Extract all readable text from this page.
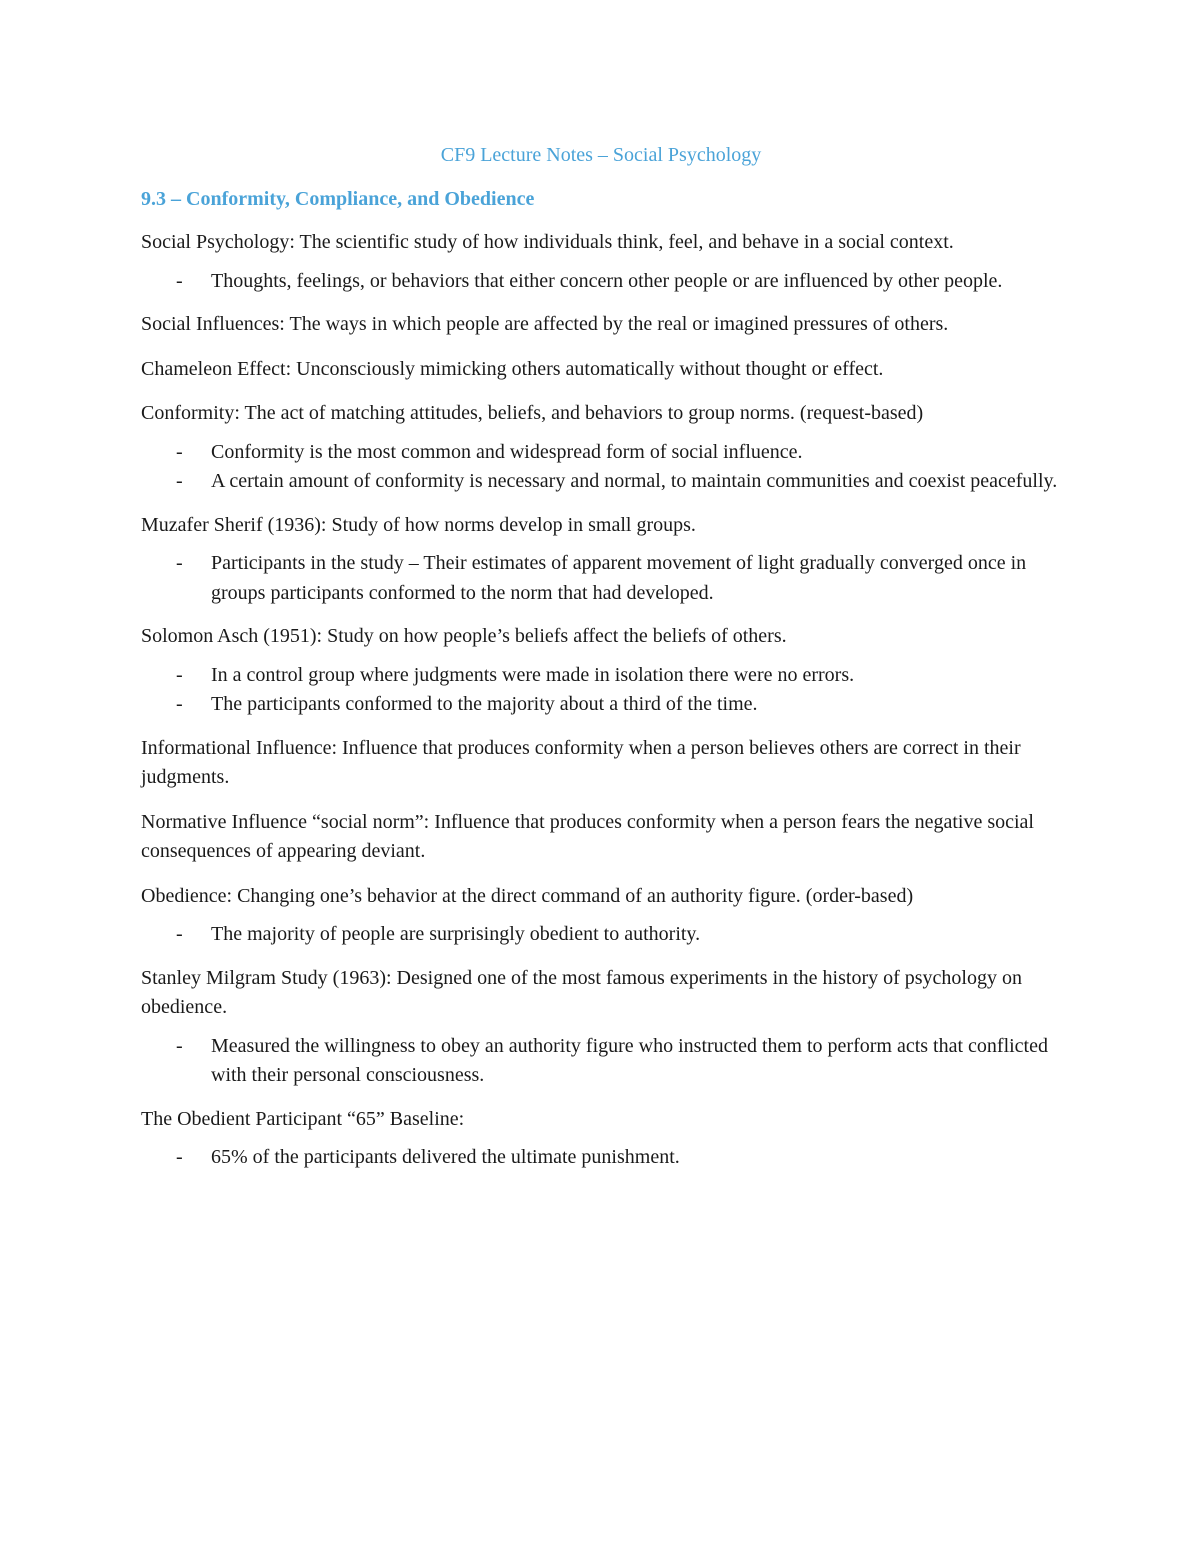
CF9 Lecture Notes – Social Psychology
9.3 – Conformity, Compliance, and Obedience
Social Psychology: The scientific study of how individuals think, feel, and behave in a social context.
- Thoughts, feelings, or behaviors that either concern other people or are influenced by other people.
Social Influences: The ways in which people are affected by the real or imagined pressures of others.
Chameleon Effect: Unconsciously mimicking others automatically without thought or effect.
Conformity: The act of matching attitudes, beliefs, and behaviors to group norms. (request-based)
- Conformity is the most common and widespread form of social influence.
- A certain amount of conformity is necessary and normal, to maintain communities and coexist peacefully.
Muzafer Sherif (1936): Study of how norms develop in small groups.
- Participants in the study – Their estimates of apparent movement of light gradually converged once in groups participants conformed to the norm that had developed.
Solomon Asch (1951): Study on how people’s beliefs affect the beliefs of others.
- In a control group where judgments were made in isolation there were no errors.
- The participants conformed to the majority about a third of the time.
Informational Influence: Influence that produces conformity when a person believes others are correct in their judgments.
Normative Influence “social norm”: Influence that produces conformity when a person fears the negative social consequences of appearing deviant.
Obedience: Changing one’s behavior at the direct command of an authority figure. (order-based)
- The majority of people are surprisingly obedient to authority.
Stanley Milgram Study (1963): Designed one of the most famous experiments in the history of psychology on obedience.
- Measured the willingness to obey an authority figure who instructed them to perform acts that conflicted with their personal consciousness.
The Obedient Participant “65” Baseline:
- 65% of the participants delivered the ultimate punishment.
